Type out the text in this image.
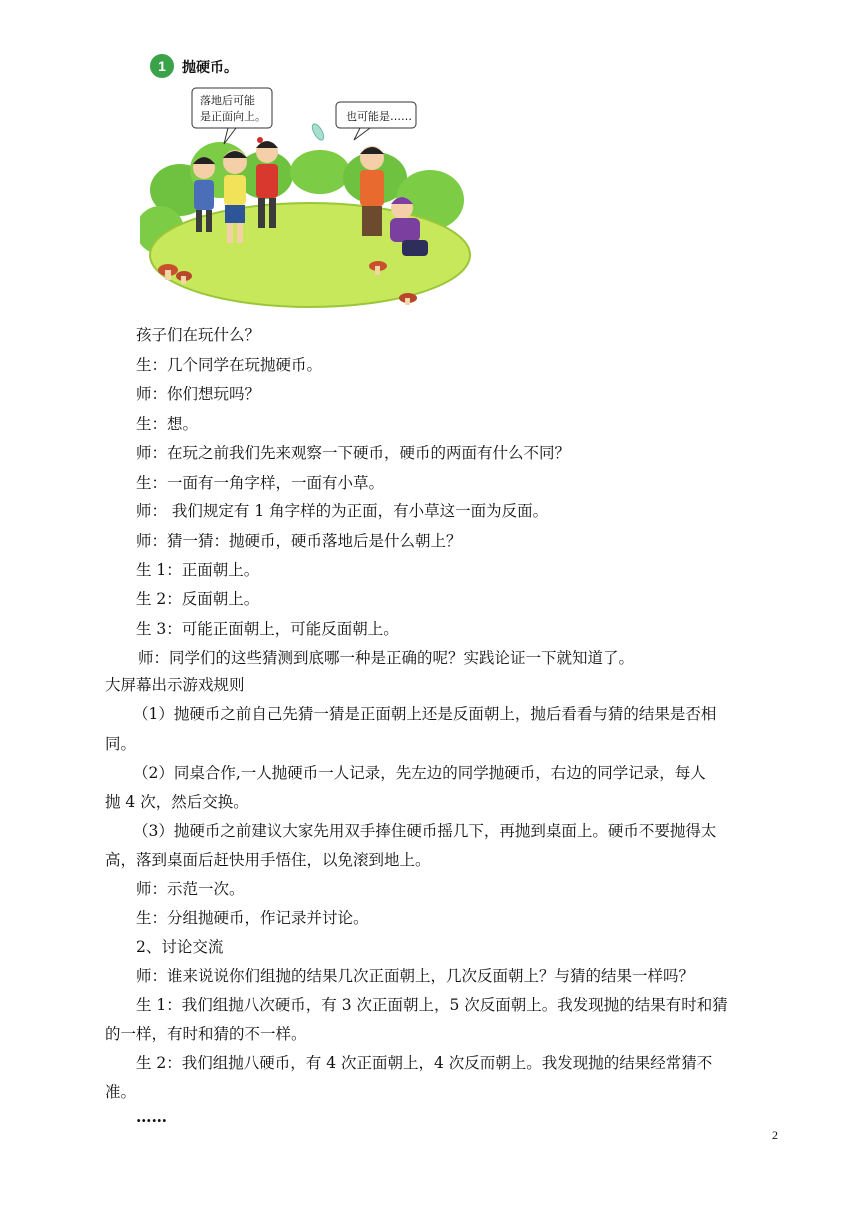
1 抛硬币。
落地后可能
是正面向上。	也可能是……
孩子们在玩什么？
生：几个同学在玩抛硬币。
师：你们想玩吗？
生：想。
师：在玩之前我们先来观察一下硬币，硬币的两面有什么不同？
生：一面有一角字样，一面有小草。
师： 我们规定有 1 角字样的为正面，有小草这一面为反面。
师：猜一猜：抛硬币，硬币落地后是什么朝上？
生 1：正面朝上。
生 2：反面朝上。
生 3：可能正面朝上，可能反面朝上。
师：同学们的这些猜测到底哪一种是正确的呢？实践论证一下就知道了。
大屏幕出示游戏规则
（1）抛硬币之前自己先猜一猜是正面朝上还是反面朝上，抛后看看与猜的结果是否相
同。
（2）同桌合作,一人抛硬币一人记录，先左边的同学抛硬币，右边的同学记录，每人
抛 4 次，然后交换。
（3）抛硬币之前建议大家先用双手捧住硬币摇几下，再抛到桌面上。硬币不要抛得太
高，落到桌面后赶快用手悟住，以免滚到地上。
师：示范一次。
生：分组抛硬币，作记录并讨论。
2、讨论交流
师：谁来说说你们组抛的结果几次正面朝上，几次反面朝上？与猜的结果一样吗？
生 1：我们组抛八次硬币，有 3 次正面朝上，5 次反面朝上。我发现抛的结果有时和猜
的一样，有时和猜的不一样。
生 2：我们组抛八硬币，有 4 次正面朝上，4 次反而朝上。我发现抛的结果经常猜不
准。
……
2
